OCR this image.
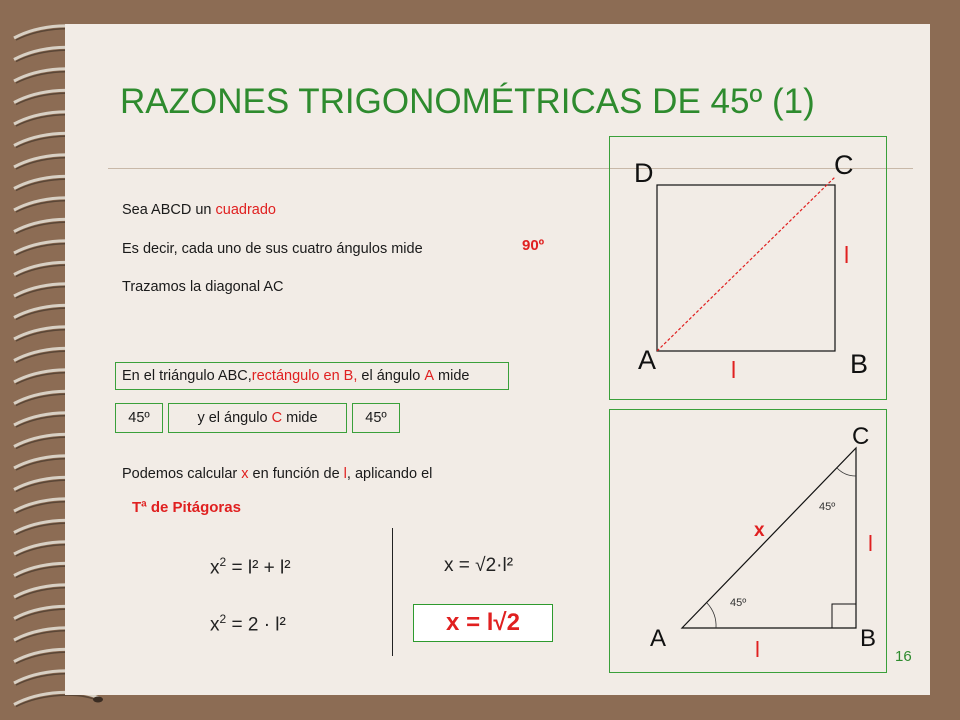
RAZONES TRIGONOMÉTRICAS DE 45º (1)
Sea ABCD un cuadrado
Es decir, cada uno de sus cuatro ángulos mide	90º
Trazamos la diagonal AC
En el triángulo ABC, rectángulo en B, el ángulo A mide
45º	y el ángulo C mide	45º
Podemos calcular x en función de l, aplicando el
Tª de Pitágoras
$x^2 = l^2 + l^2$
$x^2 = 2 \cdot l^2$
x = √2·l²
x = l√2
A	B
C
D
l
l
A	B
C
x
l
l
45º
45º
16
